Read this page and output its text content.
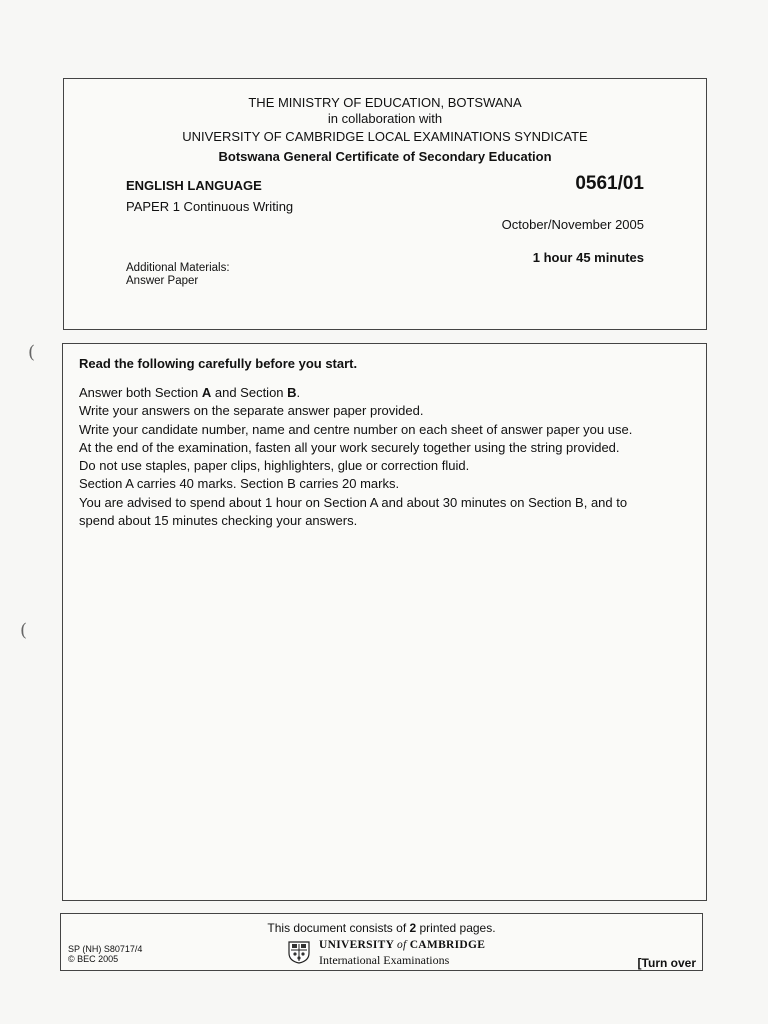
(
(
THE MINISTRY OF EDUCATION, BOTSWANA
in collaboration with
UNIVERSITY OF CAMBRIDGE LOCAL EXAMINATIONS SYNDICATE
Botswana General Certificate of Secondary Education
ENGLISH LANGUAGE	0561/01
PAPER 1 Continuous Writing
October/November 2005
1 hour 45 minutes
Additional Materials:
Answer Paper
Read the following carefully before you start.
Answer both Section A and Section B.
Write your answers on the separate answer paper provided.
Write your candidate number, name and centre number on each sheet of answer paper you use.
At the end of the examination, fasten all your work securely together using the string provided.
Do not use staples, paper clips, highlighters, glue or correction fluid.
Section A carries 40 marks. Section B carries 20 marks.
You are advised to spend about 1 hour on Section A and about 30 minutes on Section B, and to
spend about 15 minutes checking your answers.
This document consists of 2 printed pages.
SP (NH) S80717/4
© BEC 2005
UNIVERSITY of CAMBRIDGE
International Examinations	[Turn over
